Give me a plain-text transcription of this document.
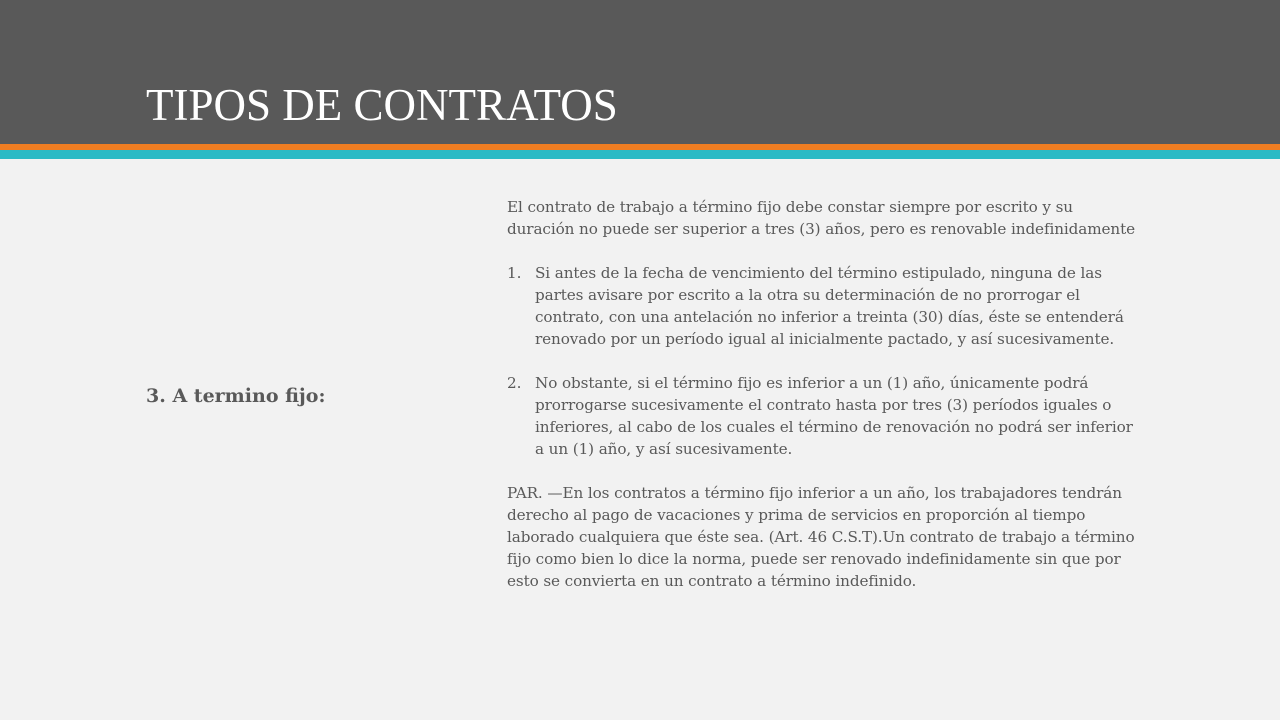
TIPOS DE CONTRATOS
3. A termino fijo:

El contrato de trabajo a término fijo debe constar siempre por escrito y su duración no puede ser superior a tres (3) años, pero es renovable indefinidamente

1. Si antes de la fecha de vencimiento del término estipulado, ninguna de las partes avisare por escrito a la otra su determinación de no prorrogar el contrato, con una antelación no inferior a treinta (30) días, éste se entenderá renovado por un período igual al inicialmente pactado, y así sucesivamente.
2. No obstante, si el término fijo es inferior a un (1) año, únicamente podrá prorrogarse sucesivamente el contrato hasta por tres (3) períodos iguales o inferiores, al cabo de los cuales el término de renovación no podrá ser inferior a un (1) año, y así sucesivamente.

PAR. —En los contratos a término fijo inferior a un año, los trabajadores tendrán derecho al pago de vacaciones y prima de servicios en proporción al tiempo laborado cualquiera que éste sea. (Art. 46 C.S.T).Un contrato de trabajo a término fijo como bien lo dice la norma, puede ser renovado indefinidamente sin que por esto se convierta en un contrato a término indefinido.
